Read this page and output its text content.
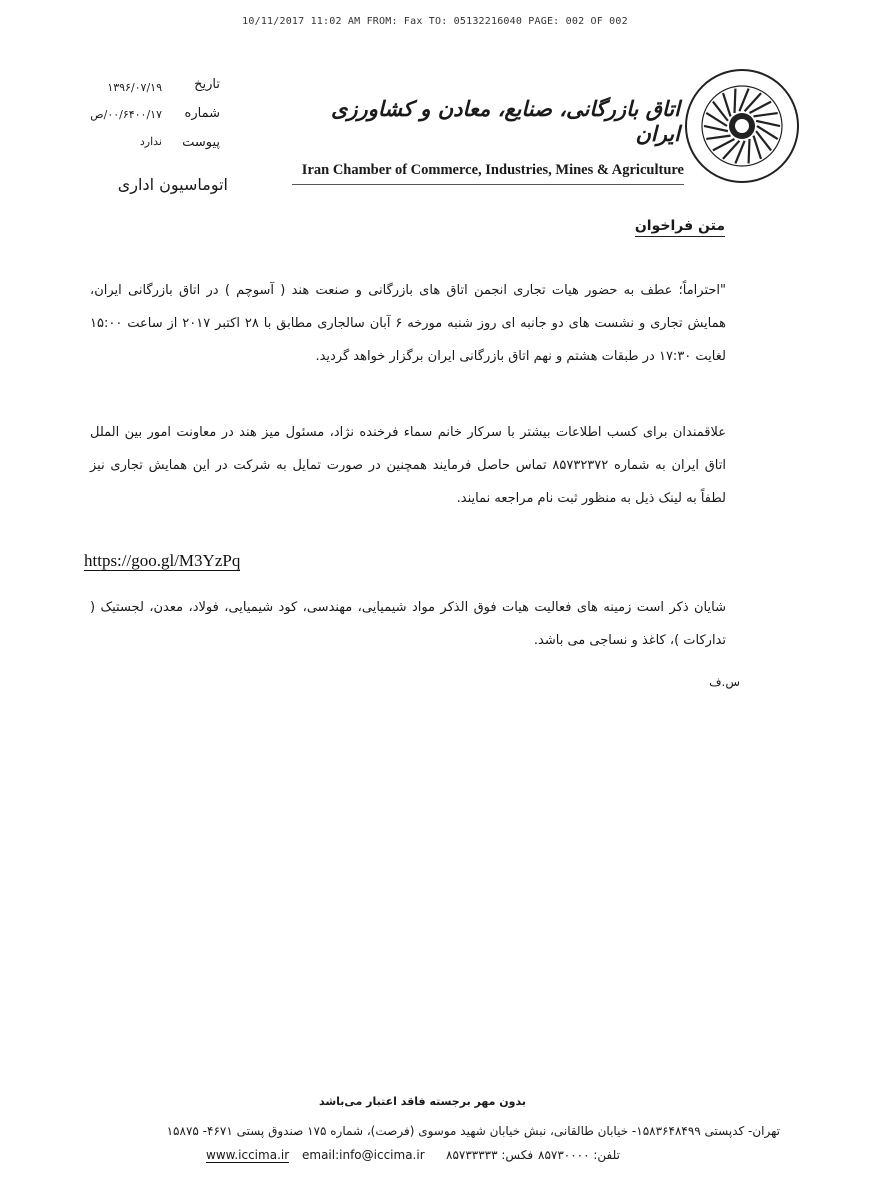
10/11/2017 11:02 AM FROM: Fax TO: 05132216040 PAGE: 002 OF 002
تاریخ
شماره
پیوست
۱۳۹۶/۰۷/۱۹
۰۰/۶۴۰۰/۱۷/ص
ندارد
اتوماسیون اداری
اتاق بازرگانی، صنایع، معادن و کشاورزی ایران
Iran Chamber of Commerce, Industries, Mines & Agriculture
متن فراخوان
"احتراماً؛ عطف به حضور هیات تجاری انجمن اتاق های بازرگانی و صنعت هند ( آسوچم ) در اتاق بازرگانی ایران، همایش تجاری و نشست های دو جانبه ای روز شنبه مورخه ۶ آبان سالجاری مطابق با ۲۸ اکتبر ۲۰۱۷ از ساعت ۱۵:۰۰ لغایت ۱۷:۳۰ در طبقات هشتم و نهم اتاق بازرگانی ایران برگزار خواهد گردید.
علاقمندان برای کسب اطلاعات بیشتر با سرکار خانم سماء فرخنده نژاد، مسئول میز هند در معاونت امور بین الملل اتاق ایران به شماره ۸۵۷۳۲۳۷۲ تماس حاصل فرمایند همچنین در صورت تمایل به شرکت در این همایش تجاری نیز لطفاً به لینک ذیل به منظور ثبت نام مراجعه نمایند.
https://goo.gl/M3YzPq
شایان ذکر است زمینه های فعالیت هیات فوق الذکر مواد شیمیایی، مهندسی، کود شیمیایی، فولاد، معدن، لجستیک ( تدارکات )، کاغذ و نساجی می باشد.
س.ف
بدون مهر برجسته فاقد اعتبار می‌باشد
تهران- کدپستی ۱۵۸۳۶۴۸۴۹۹- خیابان طالقانی، نبش خیابان شهید موسوی (فرصت)، شماره ۱۷۵ صندوق پستی ۴۶۷۱- ۱۵۸۷۵
www.iccima.ir email:info@iccima.ir فکس: ۸۵۷۳۳۳۳۳ تلفن: ۸۵۷۳۰۰۰۰
